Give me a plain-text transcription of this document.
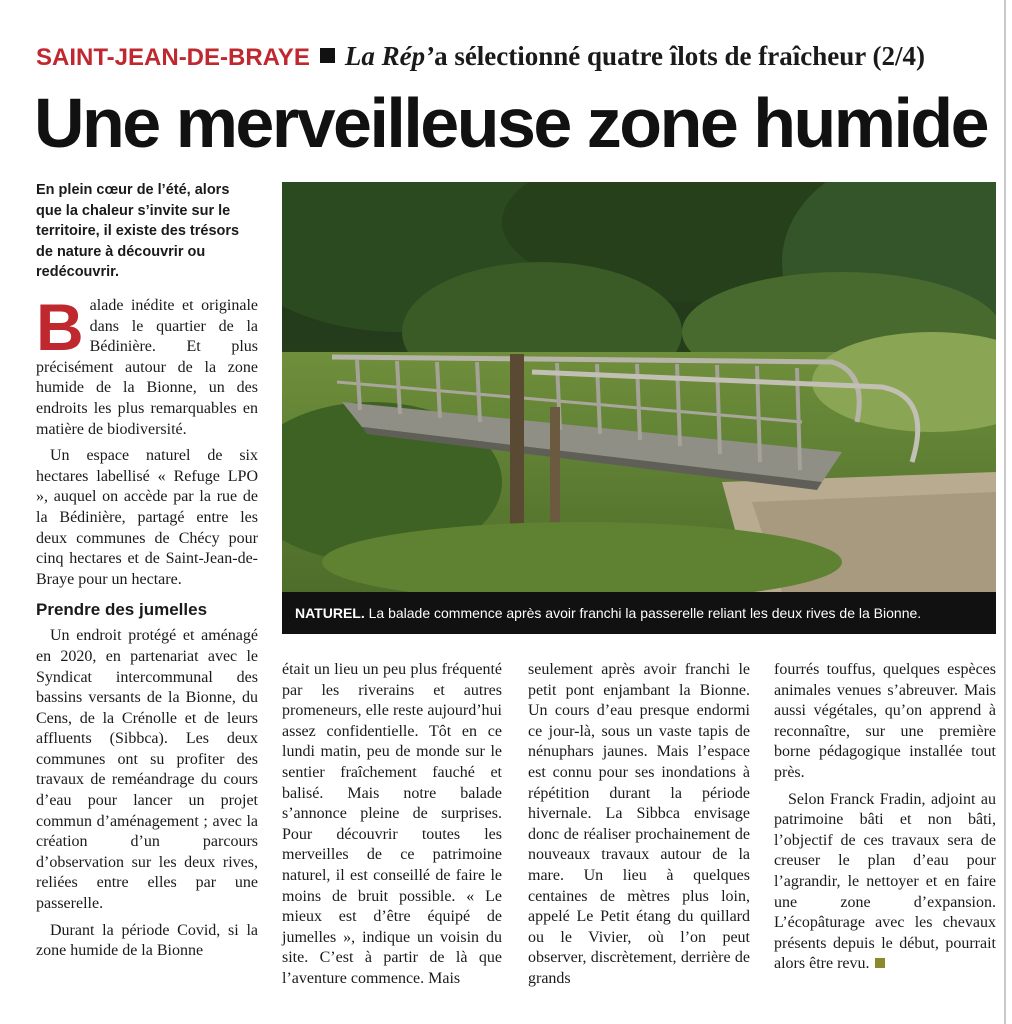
SAINT-JEAN-DE-BRAYE La Rép’a sélectionné quatre îlots de fraîcheur (2/4)
Une merveilleuse zone humide

En plein cœur de l’été, alors que la chaleur s’invite sur le territoire, il existe des trésors de nature à découvrir ou redécouvrir.

NATUREL. La balade commence après avoir franchi la passerelle reliant les deux rives de la Bionne.

Balade inédite et originale dans le quartier de la Bédinière. Et plus précisément autour de la zone humide de la Bionne, un des endroits les plus remarquables en matière de biodiversité.

Un espace naturel de six hectares labellisé « Refuge LPO », auquel on accède par la rue de la Bédinière, partagé entre les deux communes de Chécy pour cinq hectares et de Saint-Jean-de-Braye pour un hectare.

Prendre des jumelles

Un endroit protégé et aménagé en 2020, en partenariat avec le Syndicat intercommunal des bassins versants de la Bionne, du Cens, de la Crénolle et de leurs affluents (Sibbca). Les deux communes ont su profiter des travaux de reméandrage du cours d’eau pour lancer un projet commun d’aménagement ; avec la création d’un parcours d’observation sur les deux rives, reliées entre elles par une passerelle.

Durant la période Covid, si la zone humide de la Bionne

était un lieu un peu plus fréquenté par les riverains et autres promeneurs, elle reste aujourd’hui assez confidentielle. Tôt en ce lundi matin, peu de monde sur le sentier fraîchement fauché et balisé. Mais notre balade s’annonce pleine de surprises. Pour découvrir toutes les merveilles de ce patrimoine naturel, il est conseillé de faire le moins de bruit possible. « Le mieux est d’être équipé de jumelles », indique un voisin du site. C’est à partir de là que l’aventure commence. Mais

seulement après avoir franchi le petit pont enjambant la Bionne. Un cours d’eau presque endormi ce jour-là, sous un vaste tapis de nénuphars jaunes. Mais l’espace est connu pour ses inondations à répétition durant la période hivernale. La Sibbca envisage donc de réaliser prochainement de nouveaux travaux autour de la mare. Un lieu à quelques centaines de mètres plus loin, appelé Le Petit étang du quillard ou le Vivier, où l’on peut observer, discrètement, derrière de grands

fourrés touffus, quelques espèces animales venues s’abreuver. Mais aussi végétales, qu’on apprend à reconnaître, sur une première borne pédagogique installée tout près.

Selon Franck Fradin, adjoint au patrimoine bâti et non bâti, l’objectif de ces travaux sera de creuser le plan d’eau pour l’agrandir, le nettoyer et en faire une zone d’expansion. L’écopâturage avec les chevaux présents depuis le début, pourrait alors être revu.
